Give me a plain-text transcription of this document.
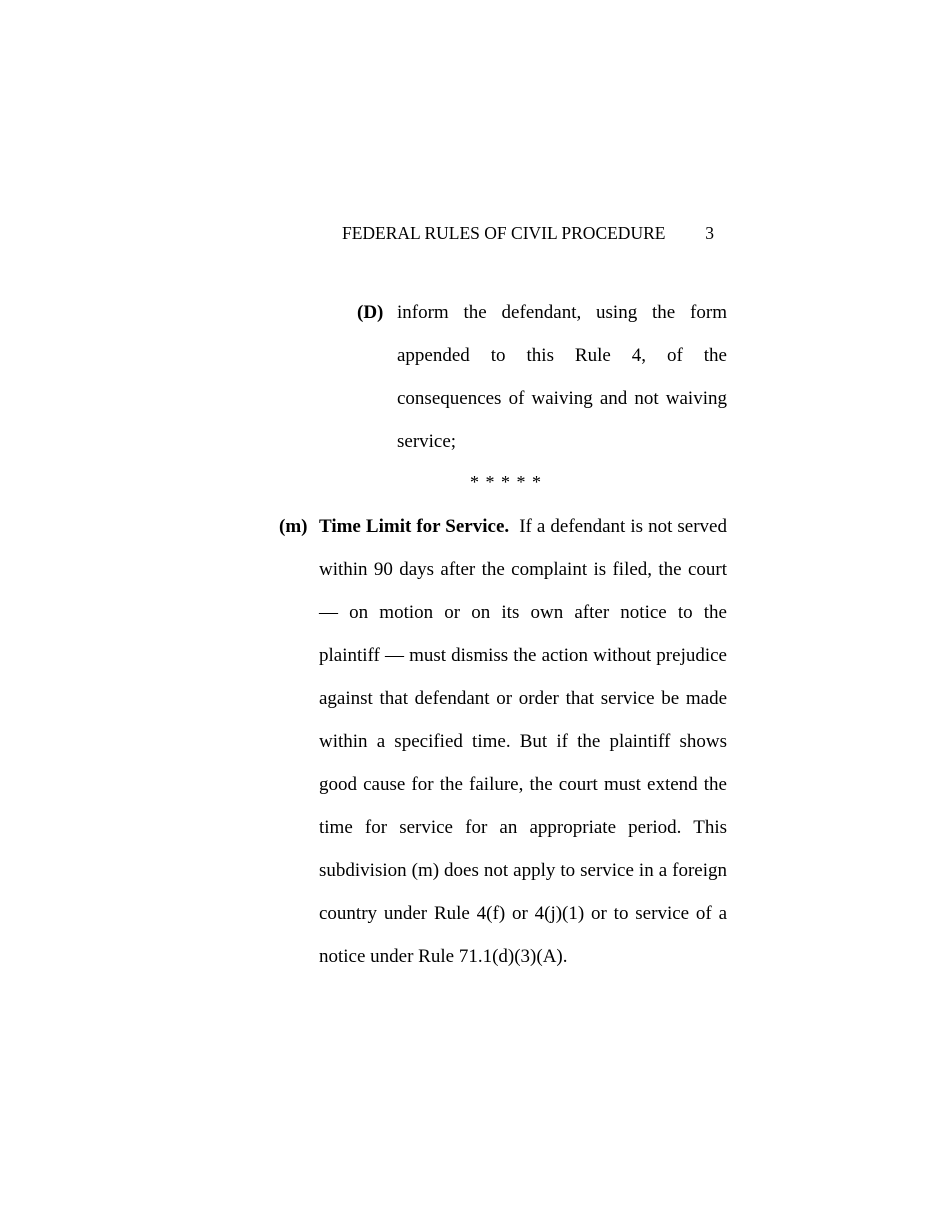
FEDERAL RULES OF CIVIL PROCEDURE 3
(D) inform the defendant, using the form appended to this Rule 4, of the consequences of waiving and not waiving service;
* * * * *
(m) Time Limit for Service. If a defendant is not served within 90 days after the complaint is filed, the court — on motion or on its own after notice to the plaintiff — must dismiss the action without prejudice against that defendant or order that service be made within a specified time. But if the plaintiff shows good cause for the failure, the court must extend the time for service for an appropriate period. This subdivision (m) does not apply to service in a foreign country under Rule 4(f) or 4(j)(1) or to service of a notice under Rule 71.1(d)(3)(A).
